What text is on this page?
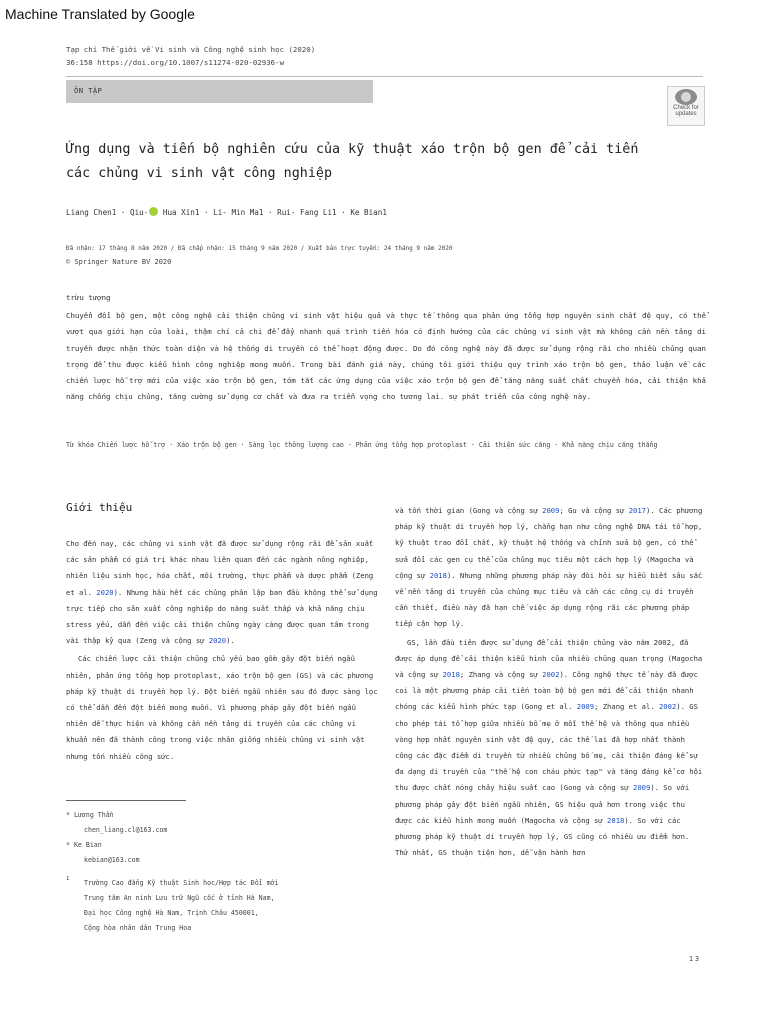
Machine Translated by Google
Tạp chí Thế giới về Vi sinh và Công nghệ sinh học (2020)
36:158 https://doi.org/10.1007/s11274-020-02936-w
ÔN TẬP
Check for
updates
Ứng dụng và tiến bộ nghiên cứu của kỹ thuật xáo trộn bộ gen để cải tiến
các chủng vi sinh vật công nghiệp
Liang Chen1 · Qiu- Hua Xin1 · Li- Min Ma1 · Rui- Fang Li1 · Ke Bian1
Đã nhận: 17 tháng 8 năm 2020 / Đã chấp nhận: 15 tháng 9 năm 2020 / Xuất bản trực tuyến: 24 tháng 9 năm 2020
© Springer Nature BV 2020
trừu tượng
Chuyển đổi bộ gen, một công nghệ cải thiện chủng vi sinh vật hiệu quả và thực tế thông qua phản ứng tổng hợp nguyên sinh chất đệ quy, có thể vượt qua giới hạn của loài, thậm chí cả chi để đẩy nhanh quá trình tiến hóa có định hướng của các chủng vi sinh vật mà không cần nền tảng di truyền được nhận thức toàn diện và hệ thống di truyền có thể hoạt động được. Do đó công nghệ này đã được sử dụng rộng rãi cho nhiều chủng quan trọng để thu được kiểu hình công nghiệp mong muốn. Trong bài đánh giá này, chúng tôi giới thiệu quy trình xáo trộn bộ gen, thảo luận về các chiến lược hỗ trợ mới của việc xáo trộn bộ gen, tóm tắt các ứng dụng của việc xáo trộn bộ gen để tăng năng suất chất chuyển hóa, cải thiện khả năng chống chịu chủng, tăng cường sử dụng cơ chất và đưa ra triển vọng cho tương lai. sự phát triển của công nghệ này.
Từ khóa Chiến lược hỗ trợ · Xáo trộn bộ gen · Sàng lọc thông lượng cao · Phản ứng tổng hợp protoplast · Cải thiện sức căng · Khả năng chịu căng thẳng
Giới thiệu

Cho đến nay, các chủng vi sinh vật đã được sử dụng rộng rãi để sản xuất các sản phẩm có giá trị khác nhau liên quan đến các ngành nông nghiệp, nhiên liệu sinh học, hóa chất, môi trường, thực phẩm và dược phẩm (Zeng et al. 2020). Nhưng hầu hết các chủng phân lập ban đầu không thể sử dụng trực tiếp cho sản xuất công nghiệp do năng suất thấp và khả năng chịu stress yếu, dẫn đến việc cải thiện chủng ngày càng được quan tâm trong vài thập kỷ qua (Zeng và cộng sự 2020).

Các chiến lược cải thiện chủng chủ yếu bao gồm gây đột biến ngẫu nhiên, phản ứng tổng hợp protoplast, xáo trộn bộ gen (GS) và các phương pháp kỹ thuật di truyền hợp lý. Đột biến ngẫu nhiên sau đó được sàng lọc có thể dẫn đến đột biến mong muốn. Vì phương pháp gây đột biến ngẫu nhiên dễ thực hiện và không cần nền tảng di truyền của các chủng vi khuẩn nên đã thành công trong việc nhân giống nhiều chủng vi sinh vật nhưng tốn nhiều công sức.

và tốn thời gian (Gong và cộng sự 2009; Gu và cộng sự 2017). Các phương pháp kỹ thuật di truyền hợp lý, chẳng hạn như công nghệ DNA tái tổ hợp, kỹ thuật trao đổi chất, kỹ thuật hệ thống và chỉnh sửa bộ gen, có thể sửa đổi các gen cụ thể của chủng mục tiêu một cách hợp lý (Magocha và cộng sự 2018). Nhưng những phương pháp này đòi hỏi sự hiểu biết sâu sắc về nền tảng di truyền của chủng mục tiêu và cần các công cụ di truyền cần thiết, điều này đã hạn chế việc áp dụng rộng rãi các phương pháp tiếp cận hợp lý.

GS, lần đầu tiên được sử dụng để cải thiện chủng vào năm 2002, đã được áp dụng để cải thiện kiểu hình của nhiều chủng quan trọng (Magocha và cộng sự 2018; Zhang và cộng sự 2002). Công nghệ thực tế này đã được coi là một phương pháp cải tiến toàn bộ bộ gen mới để cải thiện nhanh chóng các kiểu hình phức tạp (Gong et al. 2009; Zhang et al. 2002). GS cho phép tái tổ hợp giữa nhiều bố mẹ ở mỗi thế hệ và thông qua nhiều vòng hợp nhất nguyên sinh vật đệ quy, các thế lai đã hợp nhất thành công các đặc điểm di truyền từ nhiều chủng bố mẹ, cải thiện đáng kể sự đa dạng di truyền của "thế hệ con cháu phức tạp" và tăng đáng kể cơ hội thu được chất nóng chảy hiệu suất cao (Gong và cộng sự 2009). So với phương pháp gây đột biến ngẫu nhiên, GS hiệu quả hơn trong việc thu được các kiểu hình mong muốn (Magocha và cộng sự 2018). So với các phương pháp kỹ thuật di truyền hợp lý, GS cũng có nhiều ưu điểm hơn. Thứ nhất, GS thuận tiện hơn, dễ vận hành hơn

* Lương Thần
chen_liang.cl@163.com
* Ke Bian
kebian@163.com
1	Trường Cao đẳng Kỹ thuật Sinh học/Hợp tác Đổi mới
Trung tâm An ninh Lưu trữ Ngũ cốc ở tỉnh Hà Nam,
Đại học Công nghệ Hà Nam, Trịnh Châu 450001,
Cộng hòa nhân dân Trung Hoa
13
